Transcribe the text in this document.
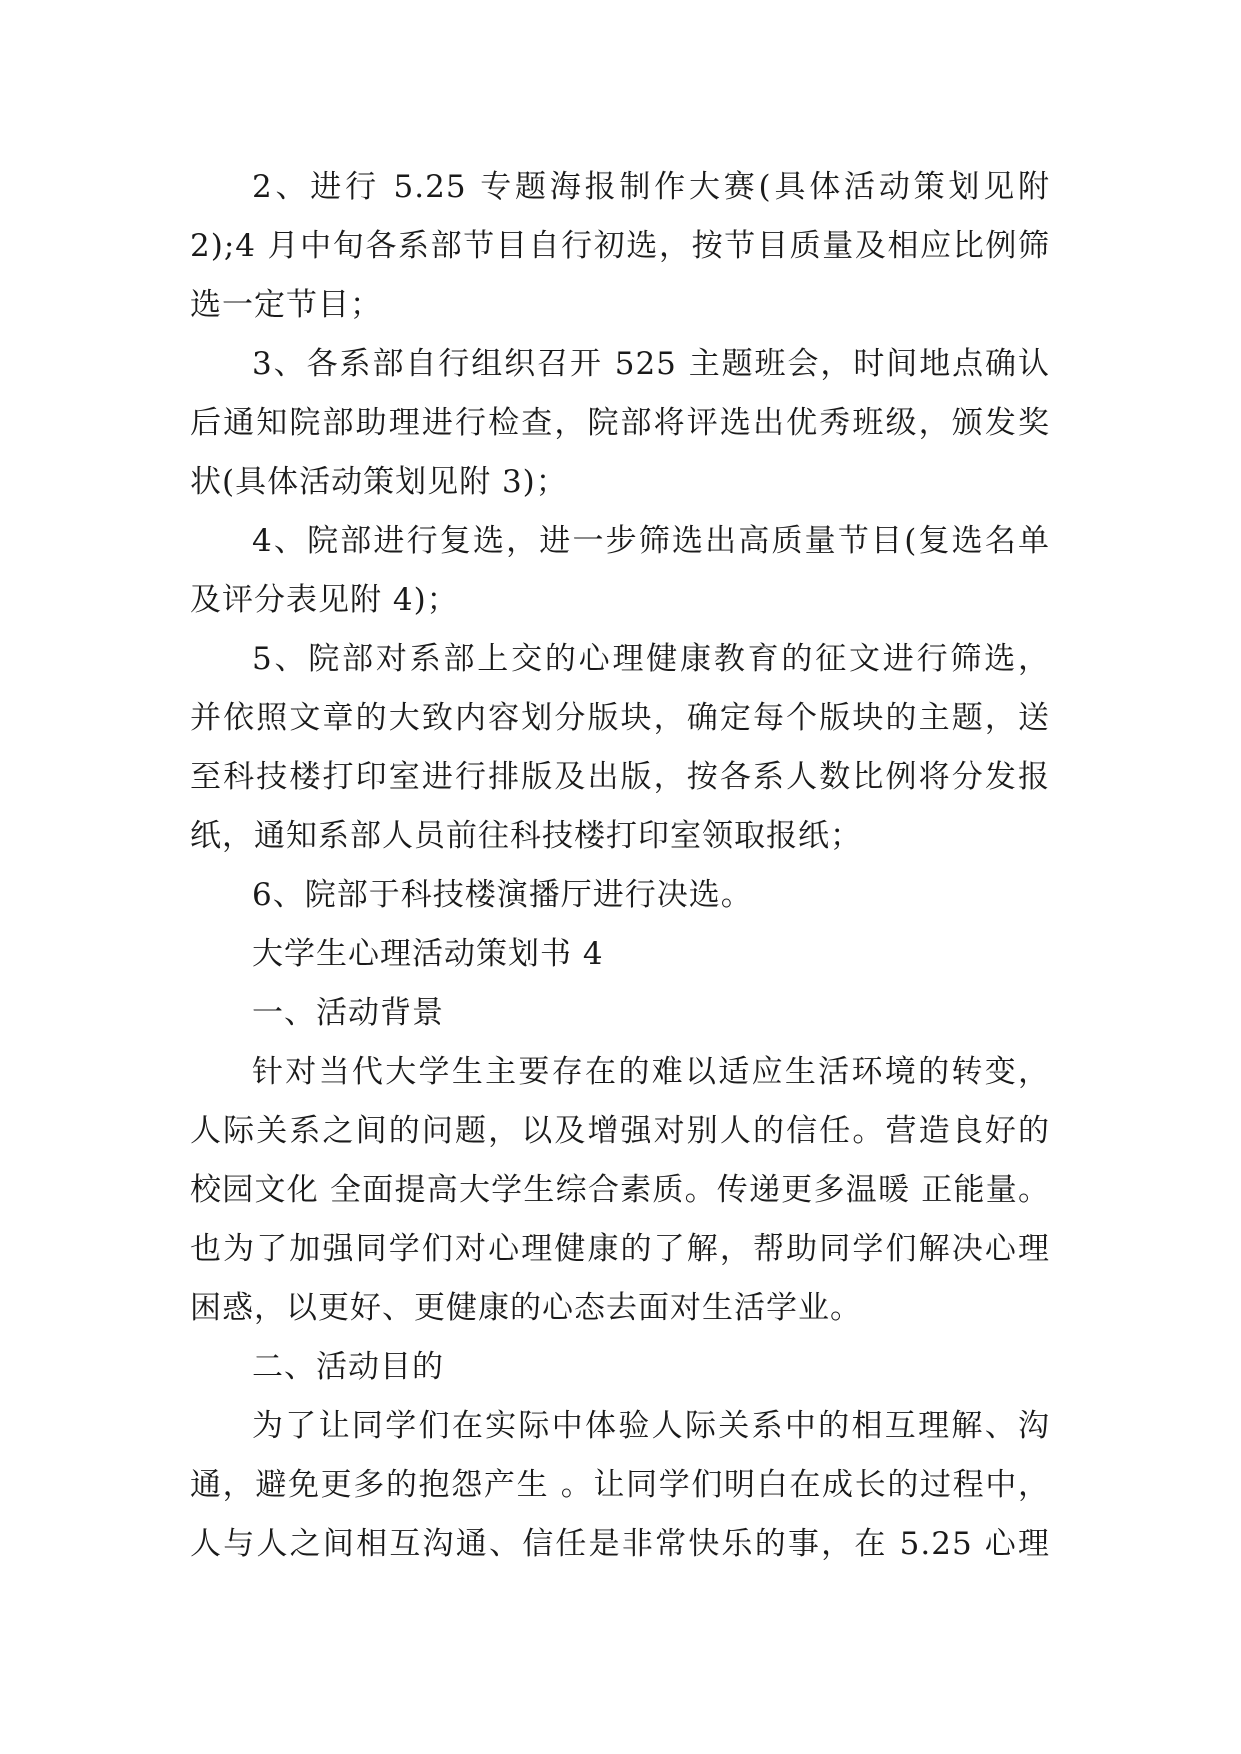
2、进行 5.25 专题海报制作大赛(具体活动策划见附
2);4 月中旬各系部节目自行初选，按节目质量及相应比例筛
选一定节目；
3、各系部自行组织召开 525 主题班会，时间地点确认
后通知院部助理进行检查，院部将评选出优秀班级，颁发奖
状(具体活动策划见附 3)；
4、院部进行复选，进一步筛选出高质量节目(复选名单
及评分表见附 4)；
5、院部对系部上交的心理健康教育的征文进行筛选，
并依照文章的大致内容划分版块，确定每个版块的主题，送
至科技楼打印室进行排版及出版，按各系人数比例将分发报
纸，通知系部人员前往科技楼打印室领取报纸；
6、院部于科技楼演播厅进行决选。
大学生心理活动策划书 4
一、活动背景
针对当代大学生主要存在的难以适应生活环境的转变，
人际关系之间的问题，以及增强对别人的信任。营造良好的
校园文化 全面提高大学生综合素质。传递更多温暖 正能量。
也为了加强同学们对心理健康的了解，帮助同学们解决心理
困惑，以更好、更健康的心态去面对生活学业。
二、活动目的
为了让同学们在实际中体验人际关系中的相互理解、沟
通，避免更多的抱怨产生 。让同学们明白在成长的过程中，
人与人之间相互沟通、信任是非常快乐的事，在 5.25 心理
